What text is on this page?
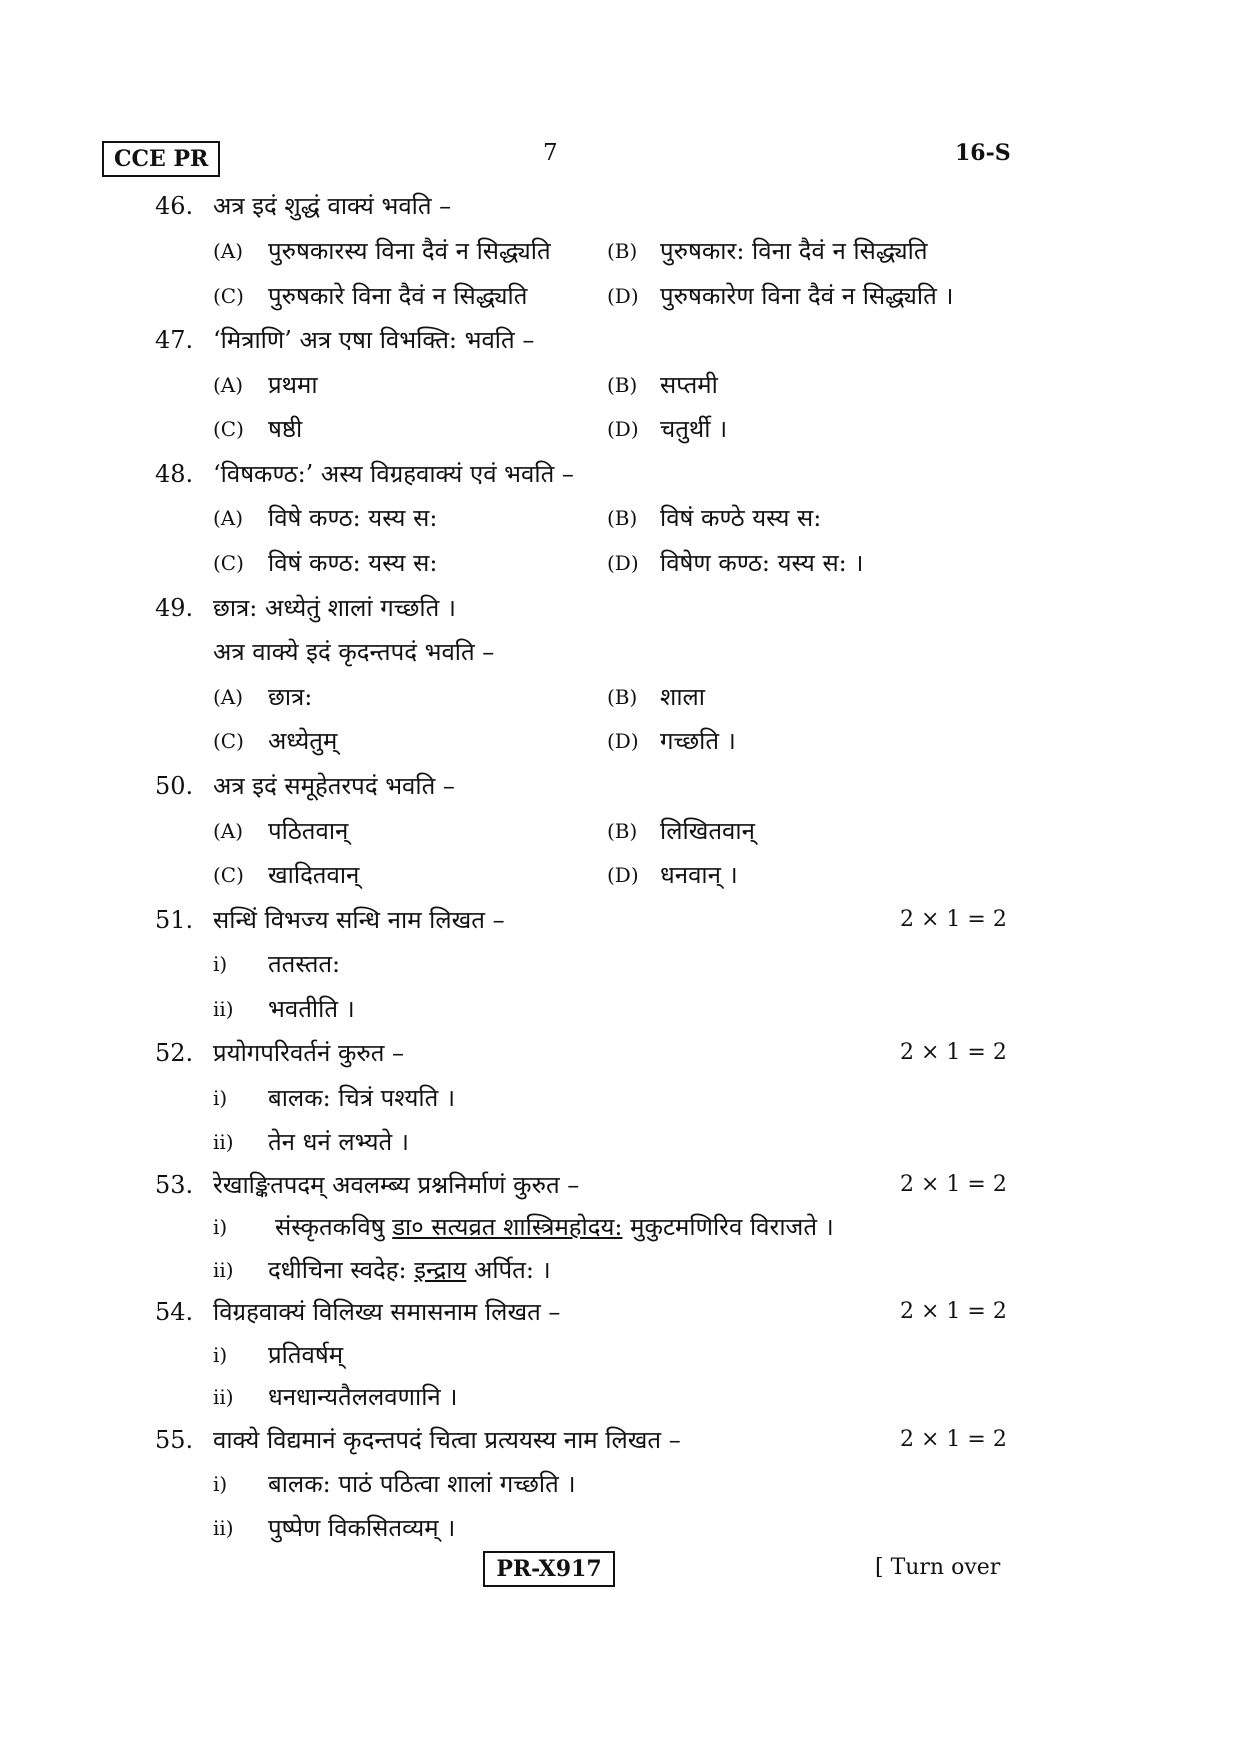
CCE PR	7	16-S
46. अत्र इदं शुद्धं वाक्यं भवति –
(A) पुरुषकारस्य विना दैवं न सिद्ध्यति	(B) पुरुषकार: विना दैवं न सिद्ध्यति
(C) पुरुषकारे विना दैवं न सिद्ध्यति	(D) पुरुषकारेण विना दैवं न सिद्ध्यति ।
47. ‘मित्राणि’ अत्र एषा विभक्ति: भवति –
(A) प्रथमा	(B) सप्तमी
(C) षष्ठी	(D) चतुर्थी ।
48. ‘विषकण्ठ:’ अस्य विग्रहवाक्यं एवं भवति –
(A) विषे कण्ठ: यस्य स:	(B) विषं कण्ठे यस्य स:
(C) विषं कण्ठ: यस्य स:	(D) विषेण कण्ठ: यस्य स: ।
49. छात्र: अध्येतुं शालां गच्छति ।
अत्र वाक्ये इदं कृदन्तपदं भवति –
(A) छात्र:	(B) शाला
(C) अध्येतुम्	(D) गच्छति ।
50. अत्र इदं समूहेतरपदं भवति –
(A) पठितवान्	(B) लिखितवान्
(C) खादितवान्	(D) धनवान् ।
51. सन्धिं विभज्य सन्धि नाम लिखत –	2 × 1 = 2
i) ततस्तत:
ii) भवतीति ।
52. प्रयोगपरिवर्तनं कुरुत –	2 × 1 = 2
i) बालक: चित्रं पश्यति ।
ii) तेन धनं लभ्यते ।
53. रेखाङ्कितपदम् अवलम्ब्य प्रश्ननिर्माणं कुरुत –	2 × 1 = 2
i) संस्कृतकविषु डा० सत्यव्रत शास्त्रिमहोदय: मुकुटमणिरिव विराजते ।
ii) दधीचिना स्वदेह: इन्द्राय अर्पित: ।
54. विग्रहवाक्यं विलिख्य समासनाम लिखत –	2 × 1 = 2
i) प्रतिवर्षम्
ii) धनधान्यतैललवणानि ।
55. वाक्ये विद्यमानं कृदन्तपदं चित्वा प्रत्ययस्य नाम लिखत –	2 × 1 = 2
i) बालक: पाठं पठित्वा शालां गच्छति ।
ii) पुष्पेण विकसितव्यम् ।
PR-X917	[ Turn over
